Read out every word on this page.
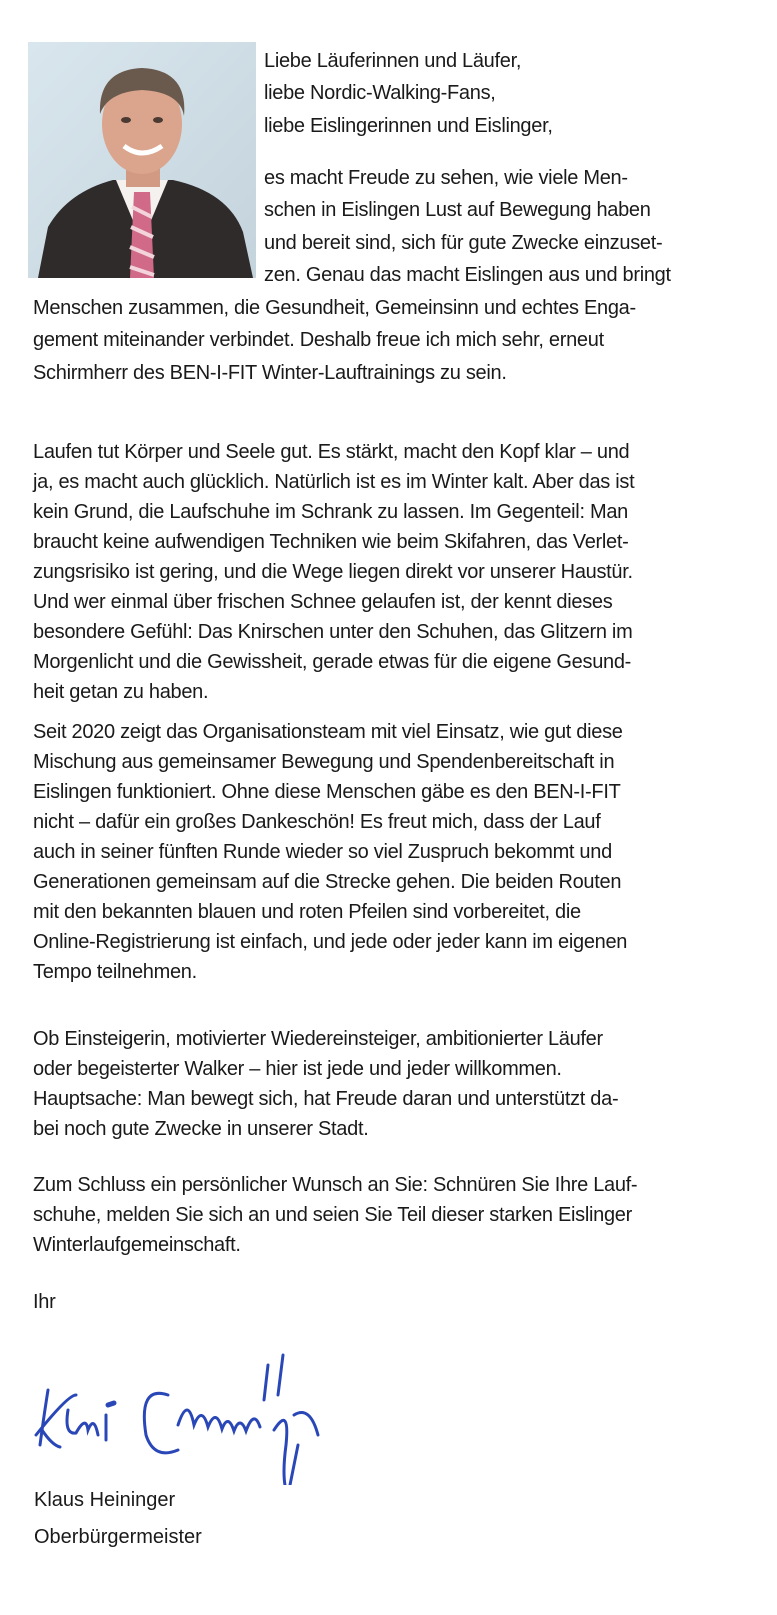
Liebe Läuferinnen und Läufer,
liebe Nordic-Walking-Fans,
liebe Eislingerinnen und Eislinger,
es macht Freude zu sehen, wie viele Men-
schen in Eislingen Lust auf Bewegung haben
und bereit sind, sich für gute Zwecke einzuset-
zen. Genau das macht Eislingen aus und bringt
Menschen zusammen, die Gesundheit, Gemeinsinn und echtes Enga-
gement miteinander verbindet. Deshalb freue ich mich sehr, erneut
Schirmherr des BEN-I-FIT Winter-Lauftrainings zu sein.
Laufen tut Körper und Seele gut. Es stärkt, macht den Kopf klar – und
ja, es macht auch glücklich. Natürlich ist es im Winter kalt. Aber das ist
kein Grund, die Laufschuhe im Schrank zu lassen. Im Gegenteil: Man
braucht keine aufwendigen Techniken wie beim Skifahren, das Verlet-
zungsrisiko ist gering, und die Wege liegen direkt vor unserer Haustür.
Und wer einmal über frischen Schnee gelaufen ist, der kennt dieses
besondere Gefühl: Das Knirschen unter den Schuhen, das Glitzern im
Morgenlicht und die Gewissheit, gerade etwas für die eigene Gesund-
heit getan zu haben.
Seit 2020 zeigt das Organisationsteam mit viel Einsatz, wie gut diese
Mischung aus gemeinsamer Bewegung und Spendenbereitschaft in
Eislingen funktioniert. Ohne diese Menschen gäbe es den BEN-I-FIT
nicht – dafür ein großes Dankeschön! Es freut mich, dass der Lauf
auch in seiner fünften Runde wieder so viel Zuspruch bekommt und
Generationen gemeinsam auf die Strecke gehen. Die beiden Routen
mit den bekannten blauen und roten Pfeilen sind vorbereitet, die
Online-Registrierung ist einfach, und jede oder jeder kann im eigenen
Tempo teilnehmen.
Ob Einsteigerin, motivierter Wiedereinsteiger, ambitionierter Läufer
oder begeisterter Walker – hier ist jede und jeder willkommen.
Hauptsache: Man bewegt sich, hat Freude daran und unterstützt da-
bei noch gute Zwecke in unserer Stadt.
Zum Schluss ein persönlicher Wunsch an Sie: Schnüren Sie Ihre Lauf-
schuhe, melden Sie sich an und seien Sie Teil dieser starken Eislinger
Winterlaufgemeinschaft.
Ihr
Klaus Heininger
Oberbürgermeister
